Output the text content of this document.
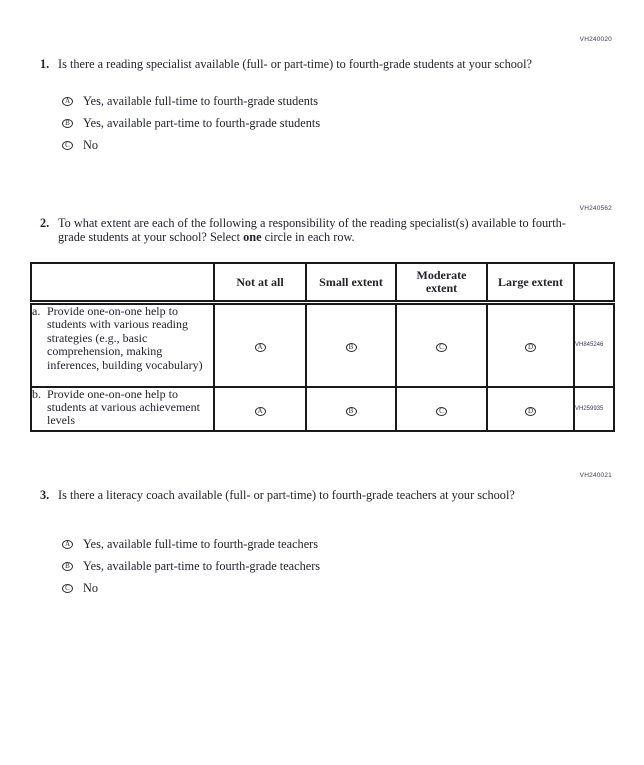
VH240020
1. Is there a reading specialist available (full- or part-time) to fourth-grade students at your school?
A Yes, available full-time to fourth-grade students
B Yes, available part-time to fourth-grade students
C No
VH240562
2. To what extent are each of the following a responsibility of the reading specialist(s) available to fourth-grade students at your school? Select one circle in each row.
	Not at all	Small extent	Moderate extent	Large extent	

a. Provide one-on-one help to students with various reading strategies (e.g., basic comprehension, making inferences, building vocabulary)	A	B	C	D	VH845246

b. Provide one-on-one help to students at various achievement levels	A	B	C	D	VH259935
VH240021
3. Is there a literacy coach available (full- or part-time) to fourth-grade teachers at your school?
A Yes, available full-time to fourth-grade teachers
B Yes, available part-time to fourth-grade teachers
C No
